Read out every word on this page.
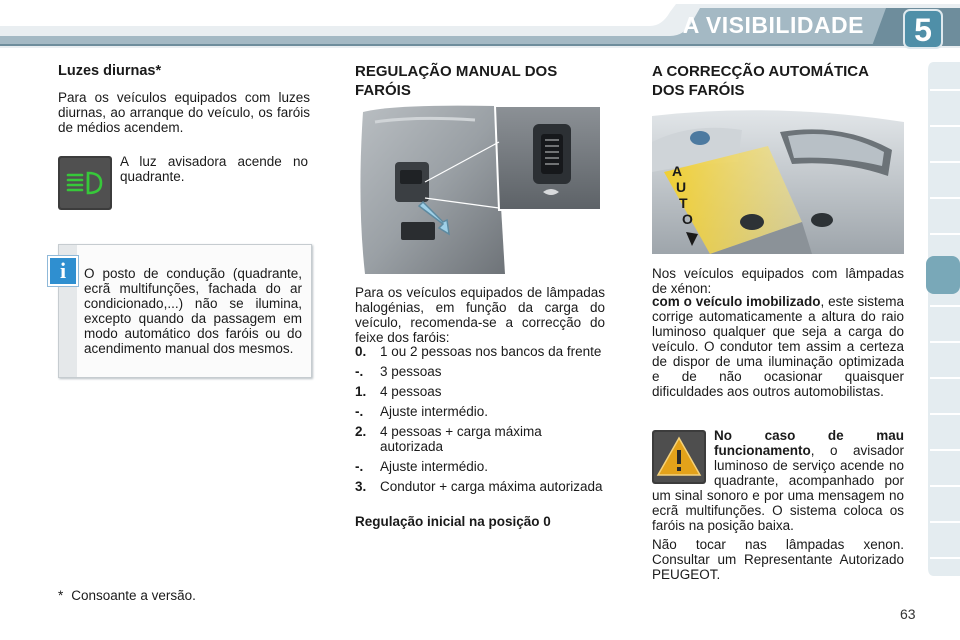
A VISIBILIDADE	5
Luzes diurnas*

Para os veículos equipados com luzes diurnas, ao arranque do veículo, os faróis de médios acendem.

A luz avisadora acende no quadrante.

i	O posto de condução (quadrante, ecrã multifunções, fachada do ar condicionado,...) não se ilumina, excepto quando da passagem em modo automático dos faróis ou do acendimento manual dos mesmos.

* Consoante a versão.
REGULAÇÃO MANUAL DOS FARÓIS

Para os veículos equipados de lâmpadas halogénias, em função da carga do veículo, recomenda-se a correcção do feixe dos faróis:

0.	1 ou 2 pessoas nos bancos da frente
-.	3 pessoas
1.	4 pessoas
-.	Ajuste intermédio.
2.	4 pessoas + carga máxima autorizada
-.	Ajuste intermédio.
3.	Condutor + carga máxima autorizada

Regulação inicial na posição 0

A CORRECÇÃO AUTOMÁTICA DOS FARÓIS
A
U
T
O

Nos veículos equipados com lâmpadas de xénon:

com o veículo imobilizado, este sistema corrige automaticamente a altura do raio luminoso qualquer que seja a carga do veículo. O condutor tem assim a certeza de dispor de uma iluminação optimizada e de não ocasionar quaisquer dificuldades aos outros automobilistas.

No caso de mau funcionamento, o avisador luminoso de serviço acende no quadrante, acompanhado por um sinal sonoro e por uma mensagem no ecrã multifunções. O sistema coloca os faróis na posição baixa.

Não tocar nas lâmpadas xenon. Consultar um Representante Autorizado PEUGEOT.

63
